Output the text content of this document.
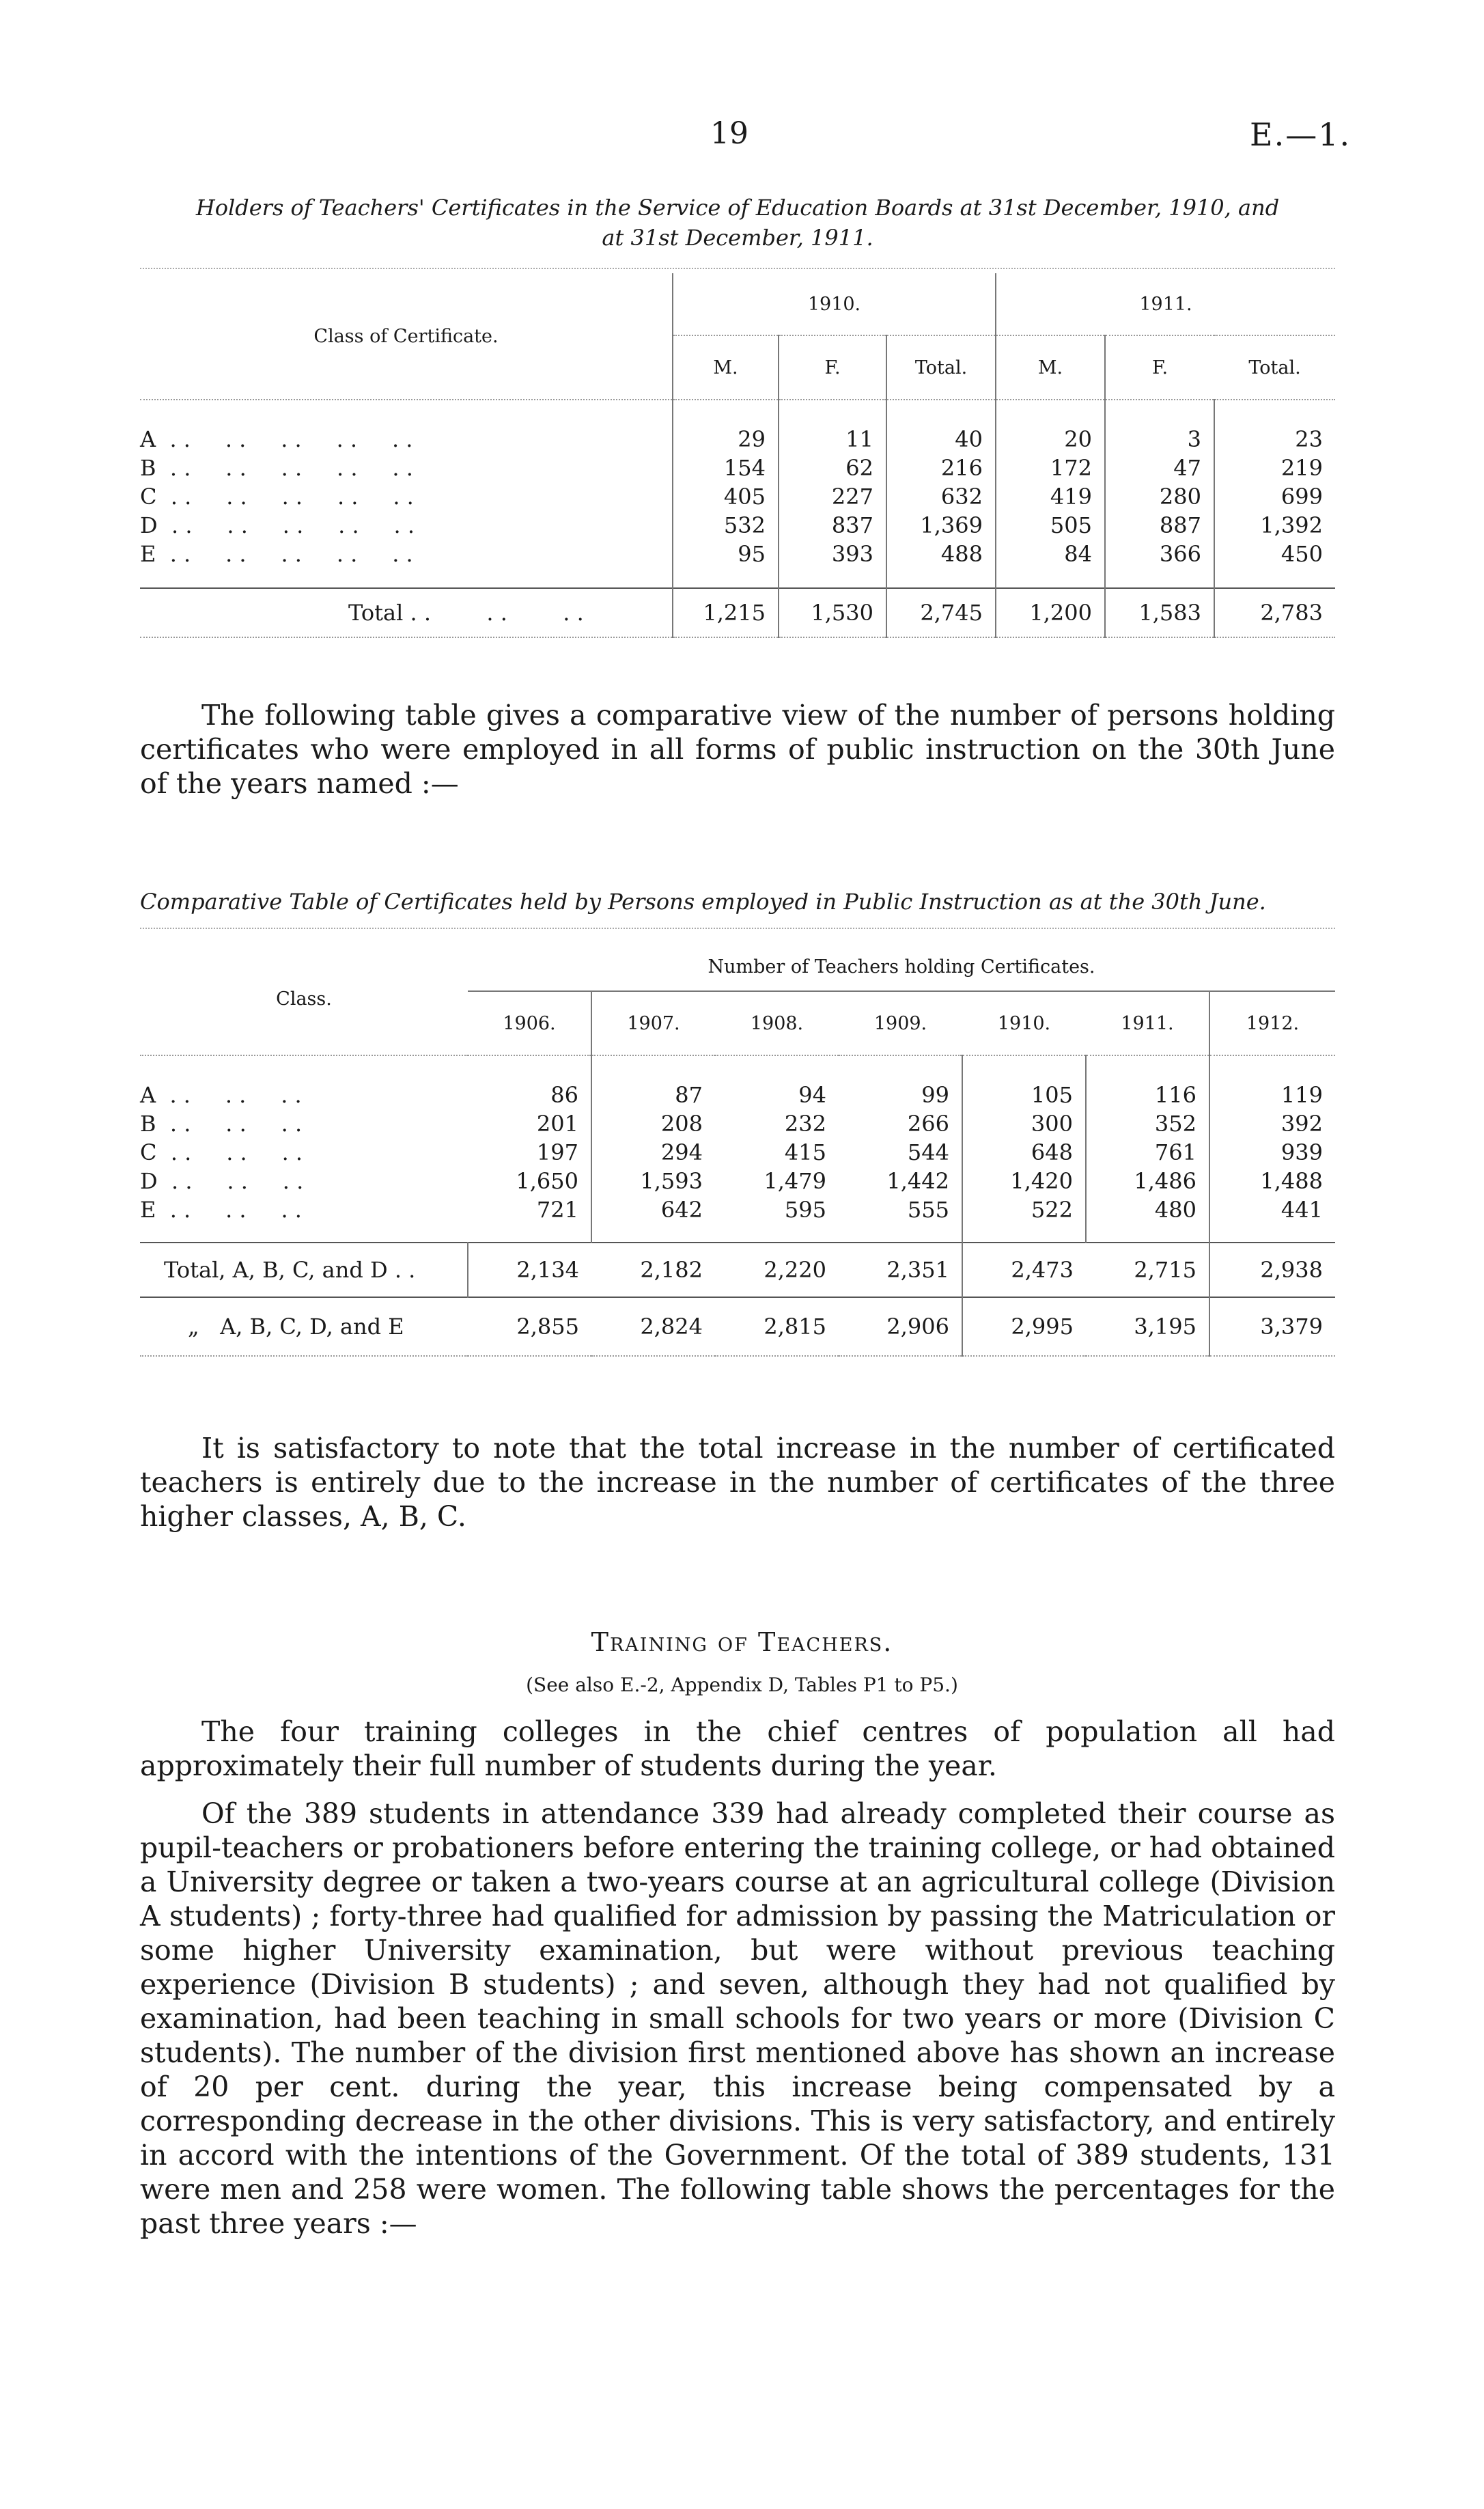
19	E.—1.
Holders of Teachers' Certificates in the Service of Education Boards at 31st December, 1910, and
at 31st December, 1911.
Class of Certificate.	1910.			1911.		
	M.	F.	Total.	M.	F.	Total.

A  . .     . .     . .     . .     . .	29	11	40	20	3	23
B  . .     . .     . .     . .     . .	154	62	216	172	47	219
C  . .     . .     . .     . .     . .	405	227	632	419	280	699
D  . .     . .     . .     . .     . .	532	837	1,369	505	887	1,392
E  . .     . .     . .     . .     . .	95	393	488	84	366	450

Total . .        . .        . .	1,215	1,530	2,745	1,200	1,583	2,783

The following table gives a comparative view of the number of persons holding certificates who were employed in all forms of public instruction on the 30th June of the years named :—
Comparative Table of Certificates held by Persons employed in Public Instruction as at the 30th June.
Class.	Number of Teachers holding Certificates.						
	1906.	1907.	1908.	1909.	1910.	1911.	1912.

A  . .     . .     . .	86	87	94	99	105	116	119
B  . .     . .     . .	201	208	232	266	300	352	392
C  . .     . .     . .	197	294	415	544	648	761	939
D  . .     . .     . .	1,650	1,593	1,479	1,442	1,420	1,486	1,488
E  . .     . .     . .	721	642	595	555	522	480	441

Total, A, B, C, and D . .	2,134	2,182	2,220	2,351	2,473	2,715	2,938
„   A, B, C, D, and E	2,855	2,824	2,815	2,906	2,995	3,195	3,379

It is satisfactory to note that the total increase in the number of certificated teachers is entirely due to the increase in the number of certificates of the three higher classes, A, B, C.
Training of Teachers.
(See also E.-2, Appendix D, Tables P1 to P5.)
The four training colleges in the chief centres of population all had approximately their full number of students during the year.
Of the 389 students in attendance 339 had already completed their course as pupil-teachers or probationers before entering the training college, or had obtained a University degree or taken a two-years course at an agricultural college (Division A students) ; forty-three had qualified for admission by passing the Matriculation or some higher University examination, but were without previous teaching experience (Division B students) ; and seven, although they had not qualified by examination, had been teaching in small schools for two years or more (Division C students). The number of the division first mentioned above has shown an increase of 20 per cent. during the year, this increase being compensated by a corresponding decrease in the other divisions. This is very satisfactory, and entirely in accord with the intentions of the Government. Of the total of 389 students, 131 were men and 258 were women. The following table shows the percentages for the past three years :—
